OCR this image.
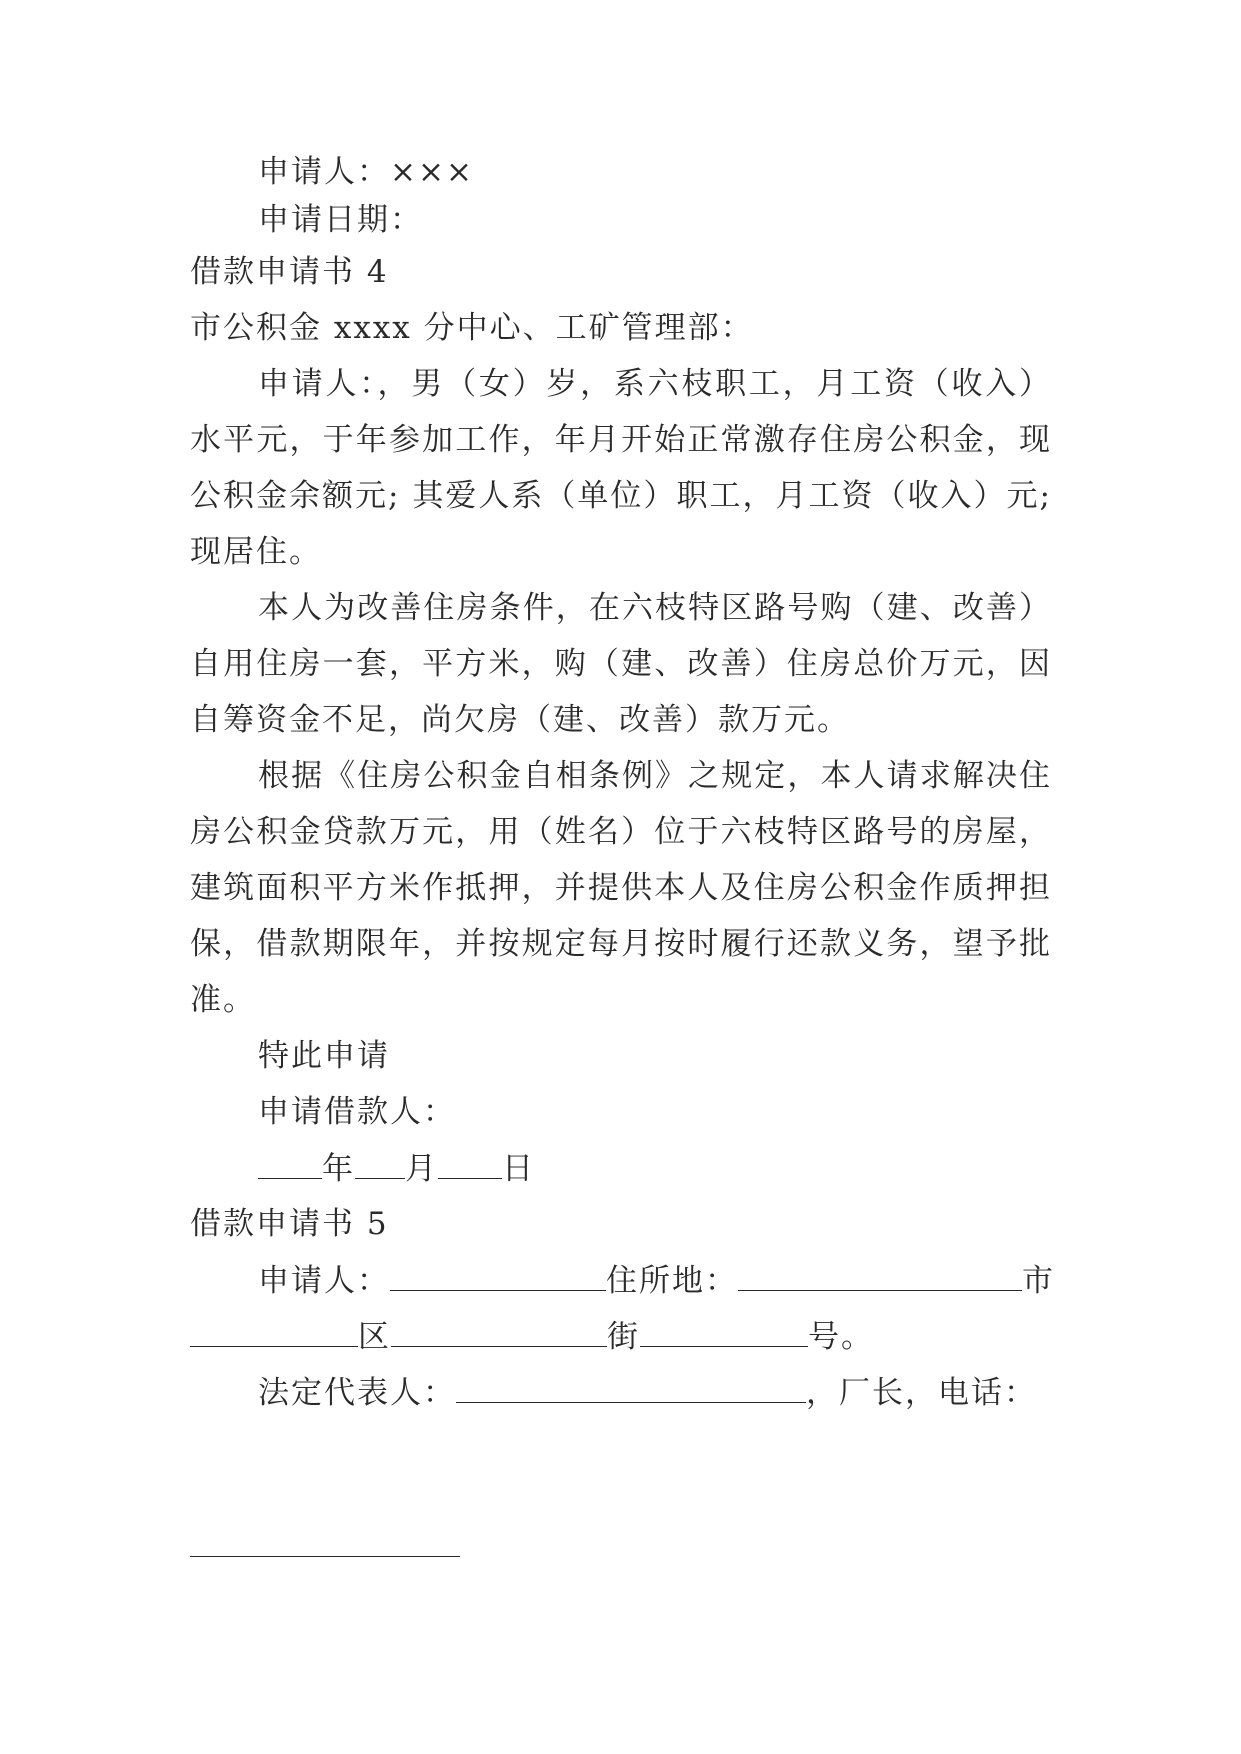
申请人：×××
申请日期：
借款申请书 4
市公积金 xxxx 分中心、工矿管理部：
申请人：，男（女）岁，系六枝职工，月工资（收入）
水平元，于年参加工作，年月开始正常激存住房公积金，现
公积金余额元; 其爱人系（单位）职工，月工资（收入）元;
现居住。
本人为改善住房条件，在六枝特区路号购（建、改善）
自用住房一套，平方米，购（建、改善）住房总价万元，因
自筹资金不足，尚欠房（建、改善）款万元。
根据《住房公积金自相条例》之规定，本人请求解决住
房公积金贷款万元，用（姓名）位于六枝特区路号的房屋，
建筑面积平方米作抵押，并提供本人及住房公积金作质押担
保，借款期限年，并按规定每月按时履行还款义务，望予批
准。
特此申请
申请借款人：
年 月 日
借款申请书 5
申请人：	住所地：	市
区	街	号。
法定代表人：	，厂长，电话：
